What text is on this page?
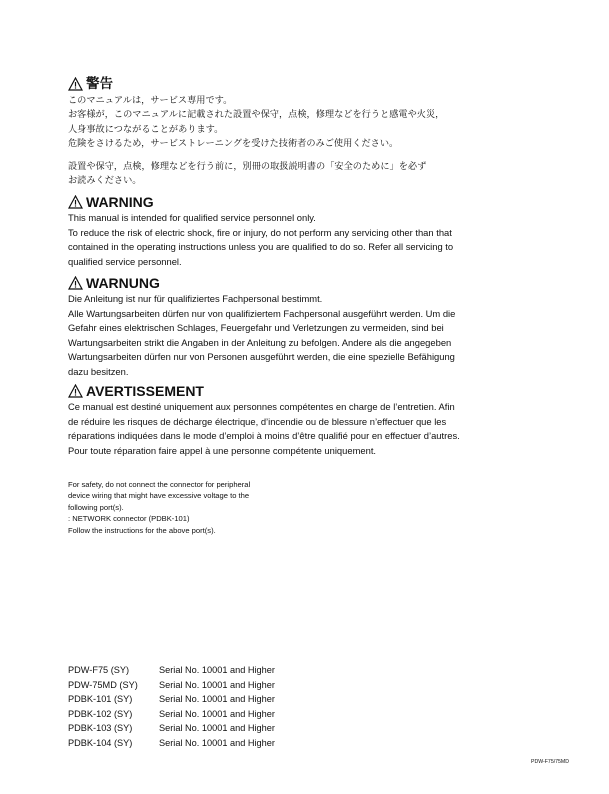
警告
このマニュアルは，サービス専用です。
お客様が，このマニュアルに記載された設置や保守，点検，修理などを行うと感電や火災，
人身事故につながることがあります。
危険をさけるため，サービストレーニングを受けた技術者のみご使用ください。
設置や保守，点検，修理などを行う前に，別冊の取扱説明書の「安全のために」を必ず
お読みください。
WARNING
This manual is intended for qualified service personnel only.
To reduce the risk of electric shock, fire or injury, do not perform any servicing other than that
contained in the operating instructions unless you are qualified to do so. Refer all servicing to
qualified service personnel.
WARNUNG
Die Anleitung ist nur für qualifiziertes Fachpersonal bestimmt.
Alle Wartungsarbeiten dürfen nur von qualifiziertem Fachpersonal ausgeführt werden. Um die
Gefahr eines elektrischen Schlages, Feuergefahr und Verletzungen zu vermeiden, sind bei
Wartungsarbeiten strikt die Angaben in der Anleitung zu befolgen. Andere als die angegeben
Wartungsarbeiten dürfen nur von Personen ausgeführt werden, die eine spezielle Befähigung
dazu besitzen.
AVERTISSEMENT
Ce manual est destiné uniquement aux personnes compétentes en charge de l’entretien. Afin
de réduire les risques de décharge électrique, d’incendie ou de blessure n’effectuer que les
réparations indiquées dans le mode d’emploi à moins d’être qualifié pour en effectuer d’autres.
Pour toute réparation faire appel à une personne compétente uniquement.
For safety, do not connect the connector for peripheral
device wiring that might have excessive voltage to the
following port(s).
: NETWORK connector (PDBK-101)
Follow the instructions for the above port(s).
PDW-F75 (SY)	Serial No. 10001 and Higher
PDW-75MD (SY)	Serial No. 10001 and Higher
PDBK-101 (SY)	Serial No. 10001 and Higher
PDBK-102 (SY)	Serial No. 10001 and Higher
PDBK-103 (SY)	Serial No. 10001 and Higher
PDBK-104 (SY)	Serial No. 10001 and Higher
PDW-F75/75MD
